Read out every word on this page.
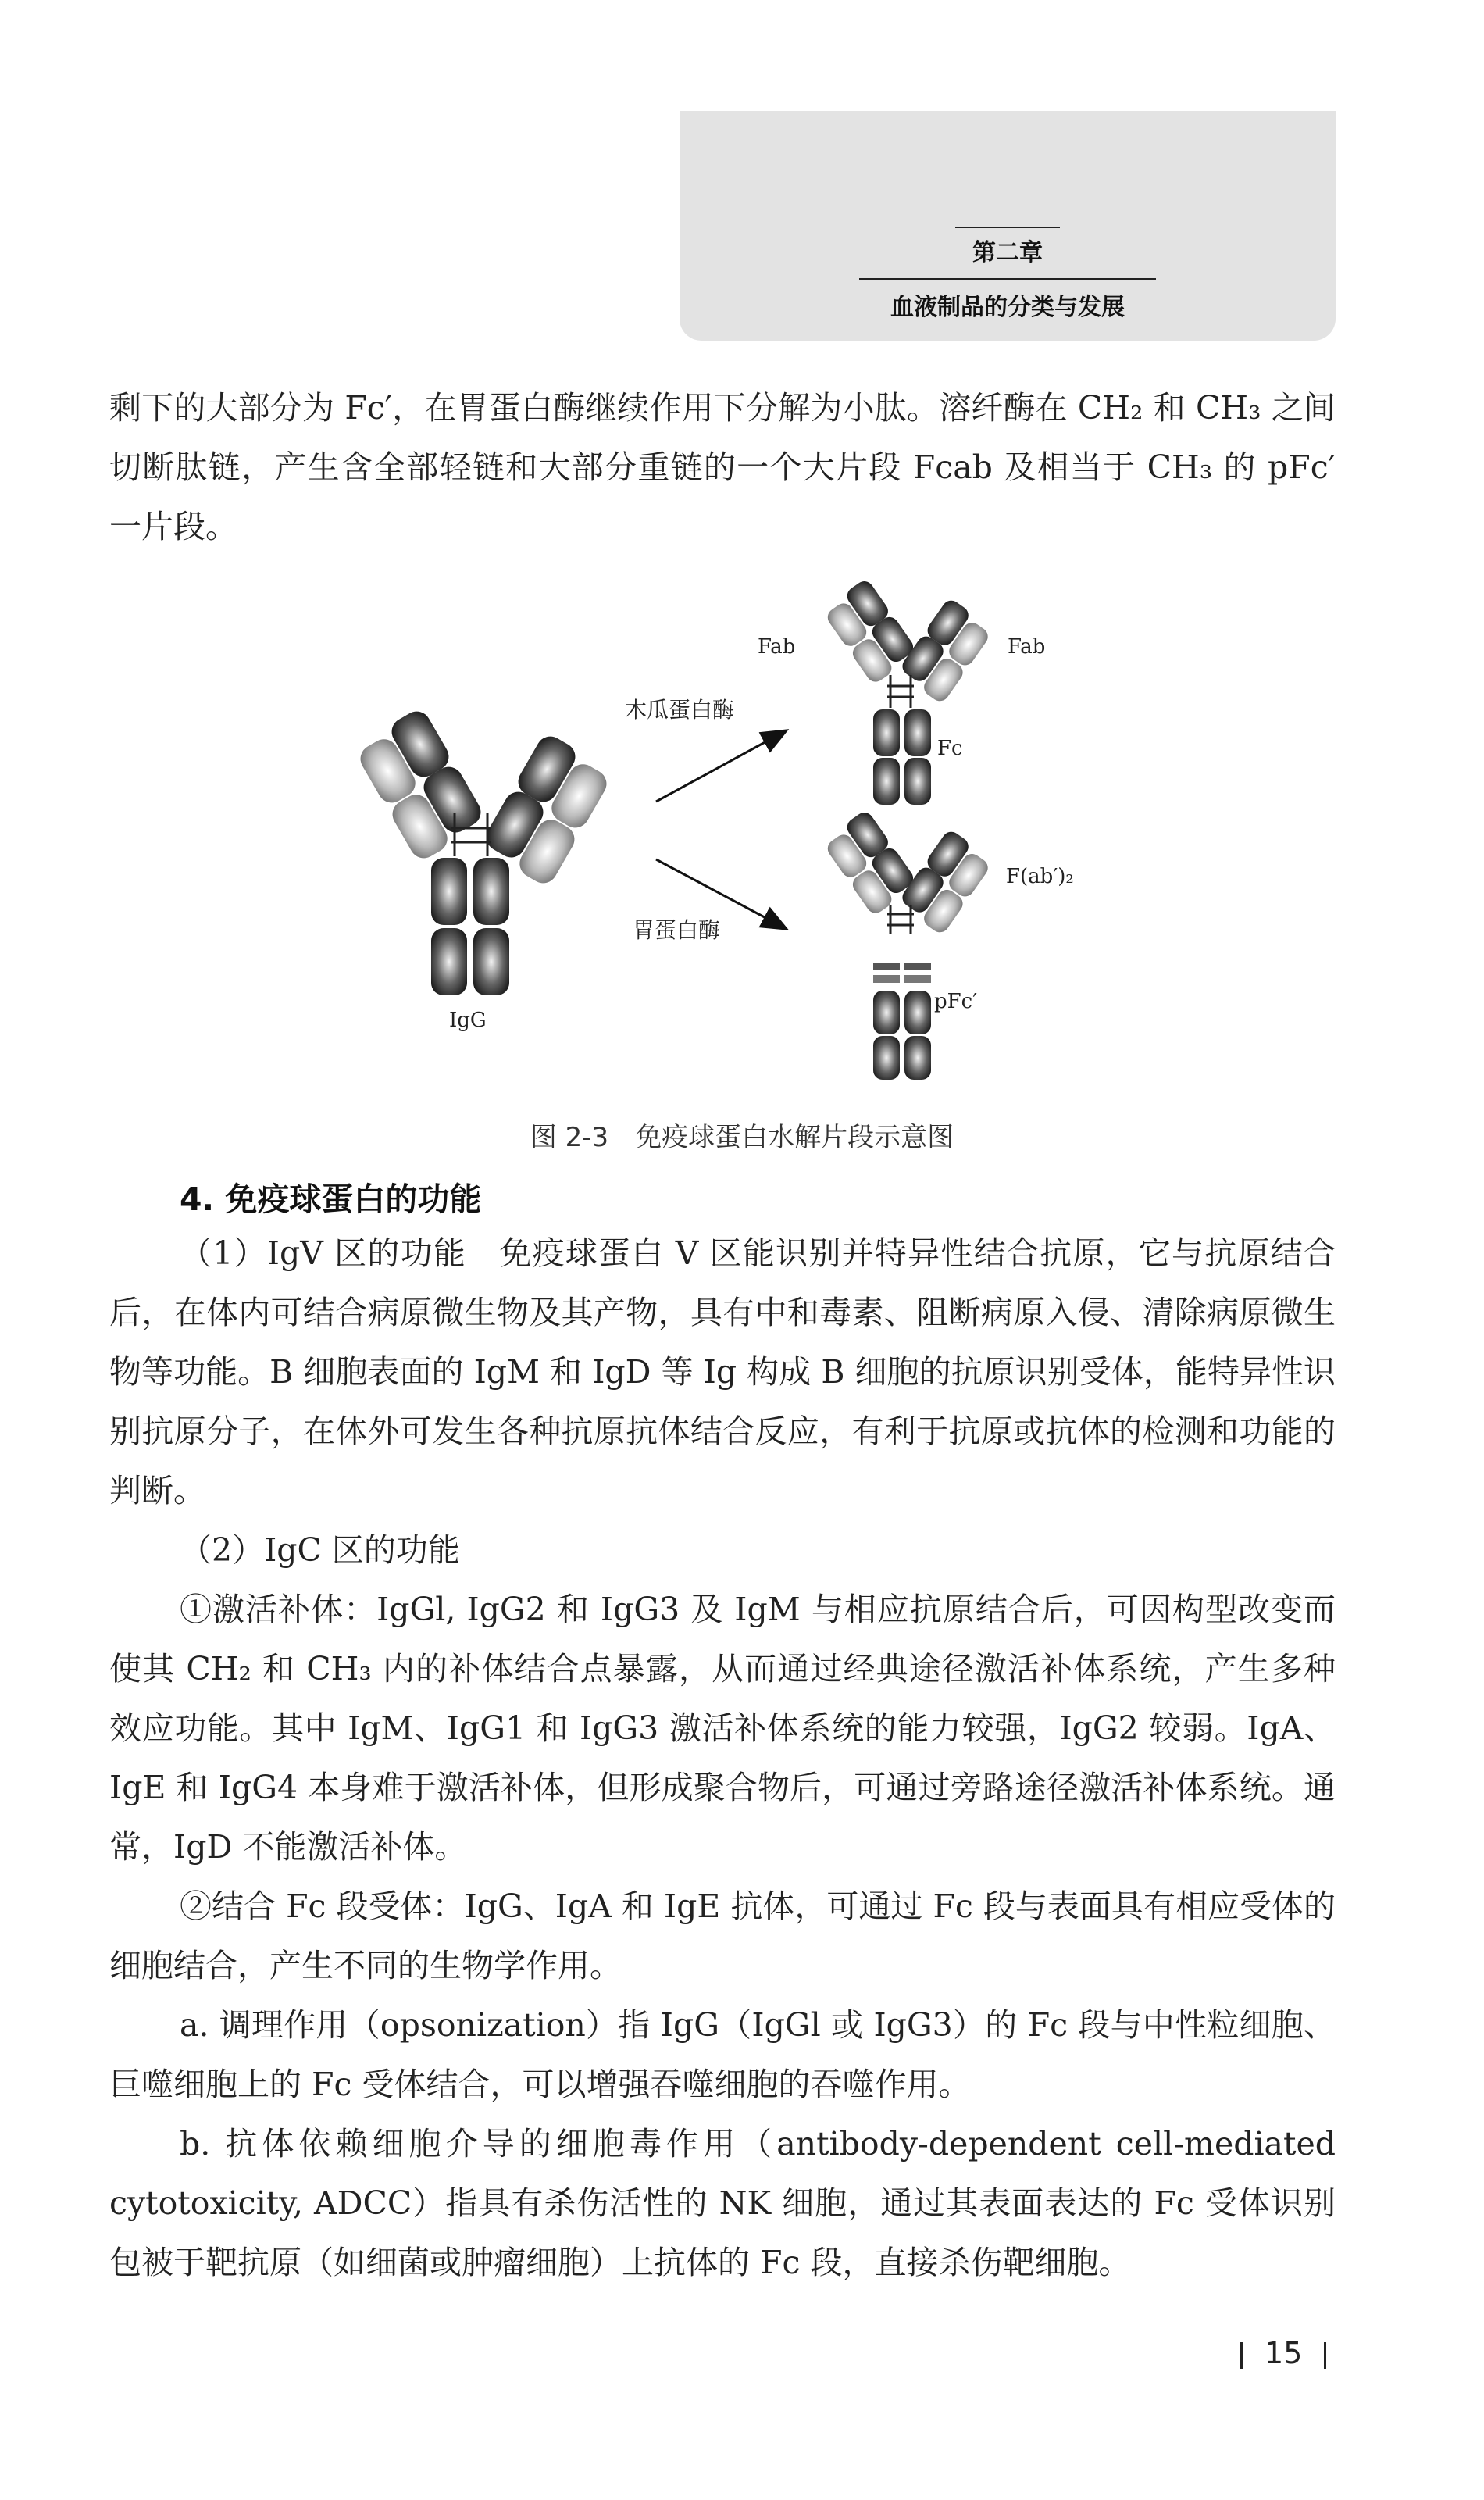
第二章
血液制品的分类与发展
剩下的大部分为 Fc′，在胃蛋白酶继续作用下分解为小肽。溶纤酶在 CH₂ 和 CH₃ 之间切断肽链，产生含全部轻链和大部分重链的一个大片段 Fcab 及相当于 CH₃ 的 pFc′ 一片段。
IgG
木瓜蛋白酶
胃蛋白酶
Fab	Fab
Fc
F(ab′)₂
pFc′
图 2-3　免疫球蛋白水解片段示意图
4. 免疫球蛋白的功能
（1）IgV 区的功能　免疫球蛋白 V 区能识别并特异性结合抗原，它与抗原结合后，在体内可结合病原微生物及其产物，具有中和毒素、阻断病原入侵、清除病原微生物等功能。B 细胞表面的 IgM 和 IgD 等 Ig 构成 B 细胞的抗原识别受体，能特异性识别抗原分子，在体外可发生各种抗原抗体结合反应，有利于抗原或抗体的检测和功能的判断。
（2）IgC 区的功能
①激活补体：IgGl, IgG2 和 IgG3 及 IgM 与相应抗原结合后，可因构型改变而使其 CH₂ 和 CH₃ 内的补体结合点暴露，从而通过经典途径激活补体系统，产生多种效应功能。其中 IgM、IgG1 和 IgG3 激活补体系统的能力较强，IgG2 较弱。IgA、IgE 和 IgG4 本身难于激活补体，但形成聚合物后，可通过旁路途径激活补体系统。通常，IgD 不能激活补体。
②结合 Fc 段受体：IgG、IgA 和 IgE 抗体，可通过 Fc 段与表面具有相应受体的细胞结合，产生不同的生物学作用。
a. 调理作用（opsonization）指 IgG（IgGl 或 IgG3）的 Fc 段与中性粒细胞、巨噬细胞上的 Fc 受体结合，可以增强吞噬细胞的吞噬作用。
b. 抗体依赖细胞介导的细胞毒作用（antibody-dependent cell-mediated cytotoxicity, ADCC）指具有杀伤活性的 NK 细胞，通过其表面表达的 Fc 受体识别包被于靶抗原（如细菌或肿瘤细胞）上抗体的 Fc 段，直接杀伤靶细胞。
15
